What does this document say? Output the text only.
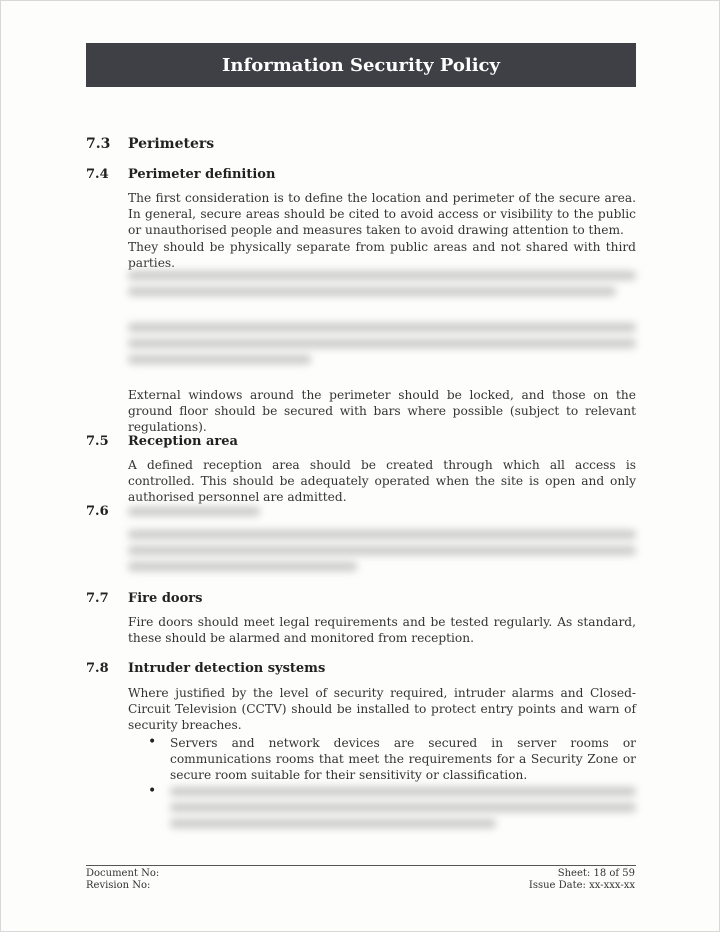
Information Security Policy
7.3	Perimeters
7.4	Perimeter definition
The first consideration is to define the location and perimeter of the secure area. In general, secure areas should be cited to avoid access or visibility to the public or unauthorised people and measures taken to avoid drawing attention to them.
They should be physically separate from public areas and not shared with third parties.
External windows around the perimeter should be locked, and those on the ground floor should be secured with bars where possible (subject to relevant regulations).
7.5	Reception area
A defined reception area should be created through which all access is controlled. This should be adequately operated when the site is open and only authorised personnel are admitted.
7.6
7.7	Fire doors
Fire doors should meet legal requirements and be tested regularly. As standard, these should be alarmed and monitored from reception.
7.8	Intruder detection systems
Where justified by the level of security required, intruder alarms and Closed-Circuit Television (CCTV) should be installed to protect entry points and warn of security breaches.
• Servers and network devices are secured in server rooms or communications rooms that meet the requirements for a Security Zone or secure room suitable for their sensitivity or classification.
•
Document No:
Revision No:
Sheet: 18 of 59
Issue Date: xx-xxx-xx
